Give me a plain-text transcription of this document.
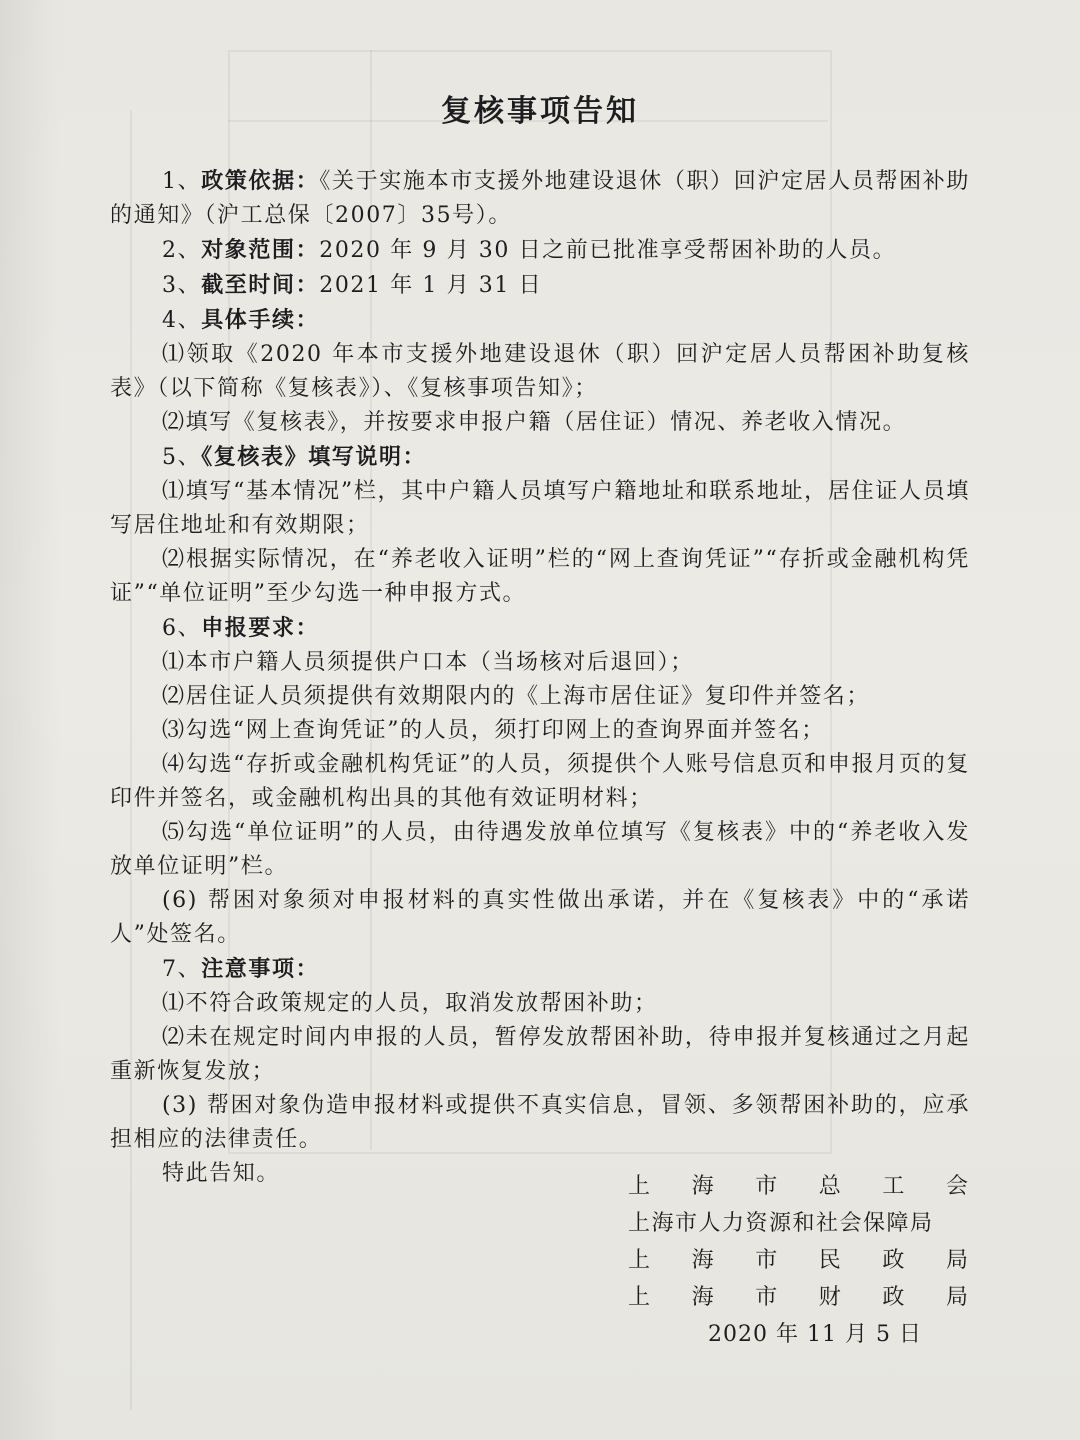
复核事项告知

1、政策依据：《关于实施本市支援外地建设退休（职）回沪定居人员帮困补助的通知》（沪工总保〔2007〕35号）。

2、对象范围：2020 年 9 月 30 日之前已批准享受帮困补助的人员。

3、截至时间：2021 年 1 月 31 日

4、具体手续：

⑴领取《2020 年本市支援外地建设退休（职）回沪定居人员帮困补助复核表》（以下简称《复核表》）、《复核事项告知》；

⑵填写《复核表》，并按要求申报户籍（居住证）情况、养老收入情况。

5、《复核表》填写说明：

⑴填写“基本情况”栏，其中户籍人员填写户籍地址和联系地址，居住证人员填写居住地址和有效期限；

⑵根据实际情况，在“养老收入证明”栏的“网上查询凭证”“存折或金融机构凭证”“单位证明”至少勾选一种申报方式。

6、申报要求：

⑴本市户籍人员须提供户口本（当场核对后退回）；

⑵居住证人员须提供有效期限内的《上海市居住证》复印件并签名；

⑶勾选“网上查询凭证”的人员，须打印网上的查询界面并签名；

⑷勾选“存折或金融机构凭证”的人员，须提供个人账号信息页和申报月页的复印件并签名，或金融机构出具的其他有效证明材料；

⑸勾选“单位证明”的人员，由待遇发放单位填写《复核表》中的“养老收入发放单位证明”栏。

(6) 帮困对象须对申报材料的真实性做出承诺，并在《复核表》中的“承诺人”处签名。

7、注意事项：

⑴不符合政策规定的人员，取消发放帮困补助；

⑵未在规定时间内申报的人员，暂停发放帮困补助，待申报并复核通过之月起重新恢复发放；

(3) 帮困对象伪造申报材料或提供不真实信息，冒领、多领帮困补助的，应承担相应的法律责任。

特此告知。

上 海 市 总 工 会

上海市人力资源和社会保障局

上 海 市 民 政 局

上 海 市 财 政 局

2020 年 11 月 5 日
